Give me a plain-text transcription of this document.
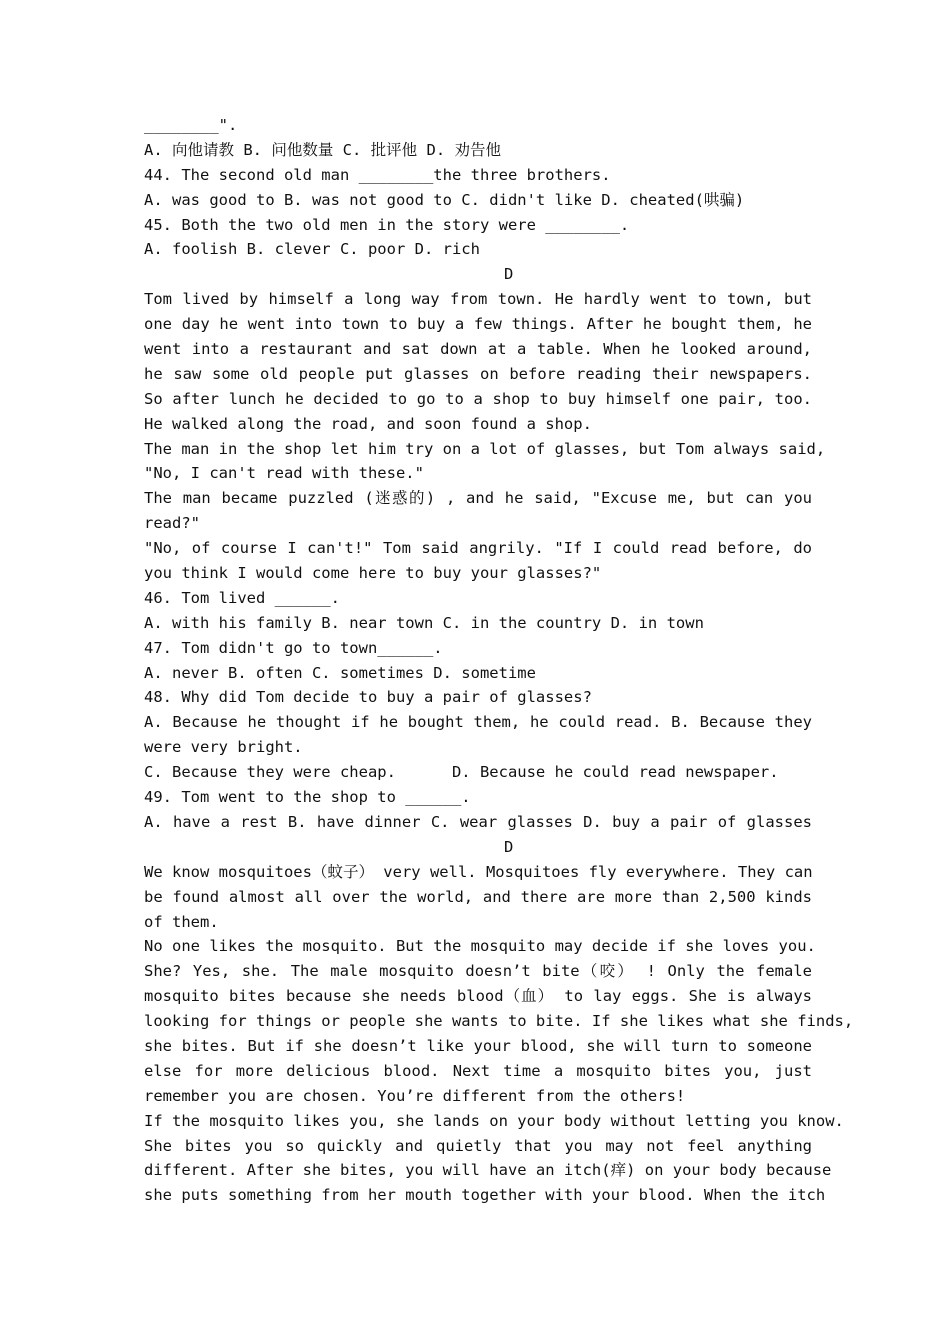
________".
A. 向他请教 B. 问他数量 C. 批评他 D. 劝告他
44. The second old man ________the three brothers.
A. was good to B. was not good to C. didn't like D. cheated(哄骗)
45. Both the two old men in the story were ________.
A. foolish B. clever C. poor D. rich
D
Tom lived by himself a long way from town. He hardly went to town, but
one day he went into town to buy a few things. After he bought them, he
went into a restaurant and sat down at a table. When he looked around,
he saw some old people put glasses on before reading their newspapers.
So after lunch he decided to go to a shop to buy himself one pair, too.
He walked along the road, and soon found a shop.
The man in the shop let him try on a lot of glasses, but Tom always said,
"No, I can't read with these."
The man became puzzled (迷惑的) , and he said, "Excuse me, but can you
read?"
"No, of course I can't!" Tom said angrily. "If I could read before, do
you think I would come here to buy your glasses?"
46. Tom lived ______.
A. with his family B. near town C. in the country D. in town
47. Tom didn't go to town______.
A. never B. often C. sometimes D. sometime
48. Why did Tom decide to buy a pair of glasses?
A. Because he thought if he bought them, he could read. B. Because they
were very bright.
C. Because they were cheap.      D. Because he could read newspaper.
49. Tom went to the shop to ______.
A. have a rest B. have dinner C. wear glasses D. buy a pair of glasses
D
We know mosquitoes（蚊子） very well. Mosquitoes fly everywhere. They can
be found almost all over the world, and there are more than 2,500 kinds
of them.
No one likes the mosquito. But the mosquito may decide if she loves you.
She? Yes, she. The male mosquito doesn’t bite（咬） ! Only the female
mosquito bites because she needs blood（血） to lay eggs. She is always
looking for things or people she wants to bite. If she likes what she finds,
she bites. But if she doesn’t like your blood, she will turn to someone
else for more delicious blood. Next time a mosquito bites you, just
remember you are chosen. You’re different from the others!
If the mosquito likes you, she lands on your body without letting you know.
She bites you so quickly and quietly that you may not feel anything
different. After she bites, you will have an itch(痒) on your body because
she puts something from her mouth together with your blood. When the itch
